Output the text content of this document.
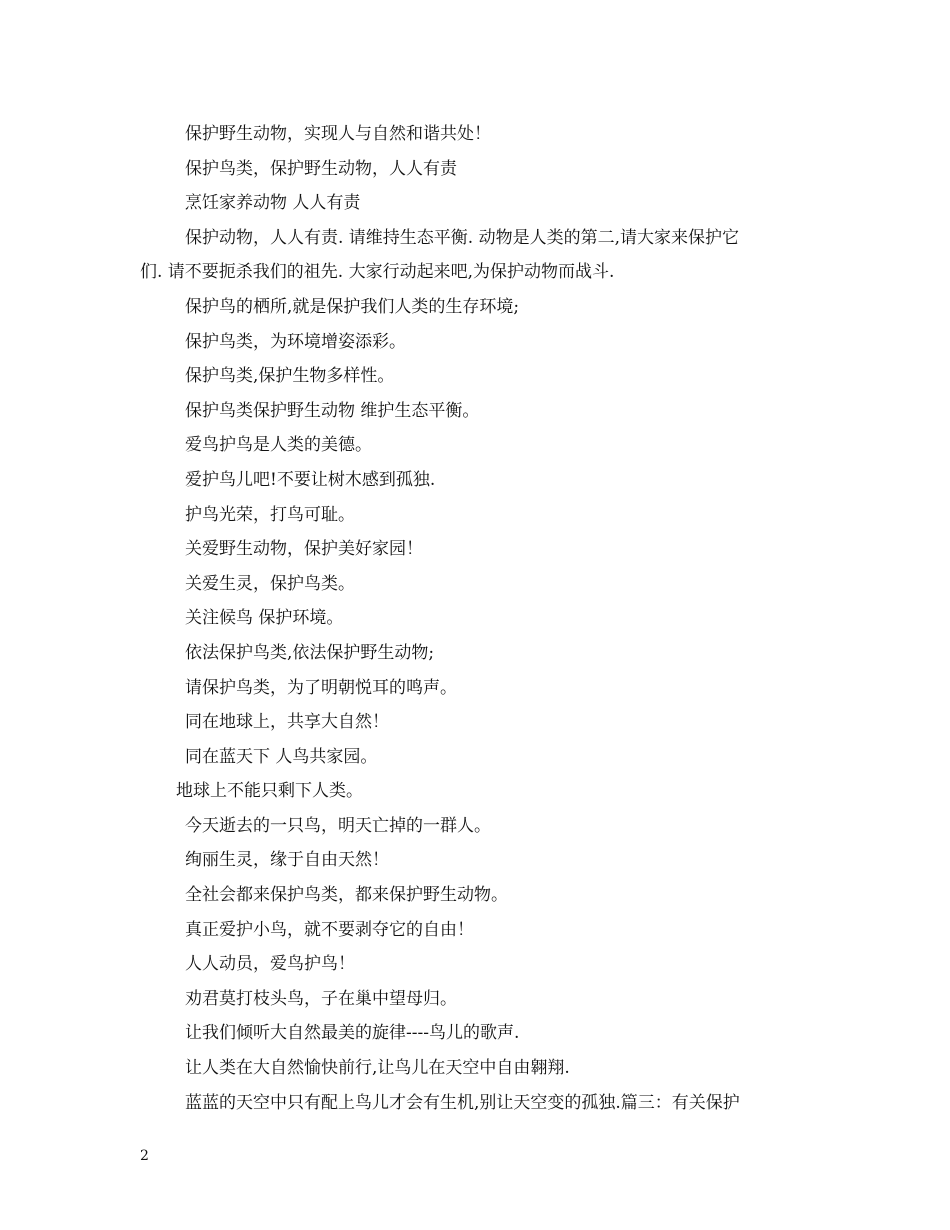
保护野生动物，实现人与自然和谐共处！
保护鸟类，保护野生动物，人人有责
烹饪家养动物 人人有责
保护动物，人人有责. 请维持生态平衡. 动物是人类的第二,请大家来保护它
们. 请不要扼杀我们的祖先. 大家行动起来吧,为保护动物而战斗.
保护鸟的栖所,就是保护我们人类的生存环境;
保护鸟类，为环境增姿添彩。
保护鸟类,保护生物多样性。
保护鸟类保护野生动物 维护生态平衡。
爱鸟护鸟是人类的美德。
爱护鸟儿吧!不要让树木感到孤独.
护鸟光荣，打鸟可耻。
关爱野生动物，保护美好家园！
关爱生灵，保护鸟类。
关注候鸟 保护环境。
依法保护鸟类,依法保护野生动物;
请保护鸟类，为了明朝悦耳的鸣声。
同在地球上，共享大自然！
同在蓝天下 人鸟共家园。
地球上不能只剩下人类。
今天逝去的一只鸟，明天亡掉的一群人。
绚丽生灵，缘于自由天然！
全社会都来保护鸟类，都来保护野生动物。
真正爱护小鸟，就不要剥夺它的自由！
人人动员，爱鸟护鸟！
劝君莫打枝头鸟，子在巢中望母归。
让我们倾听大自然最美的旋律----鸟儿的歌声.
让人类在大自然愉快前行,让鸟儿在天空中自由翱翔.
蓝蓝的天空中只有配上鸟儿才会有生机,别让天空变的孤独.篇三：有关保护
2
